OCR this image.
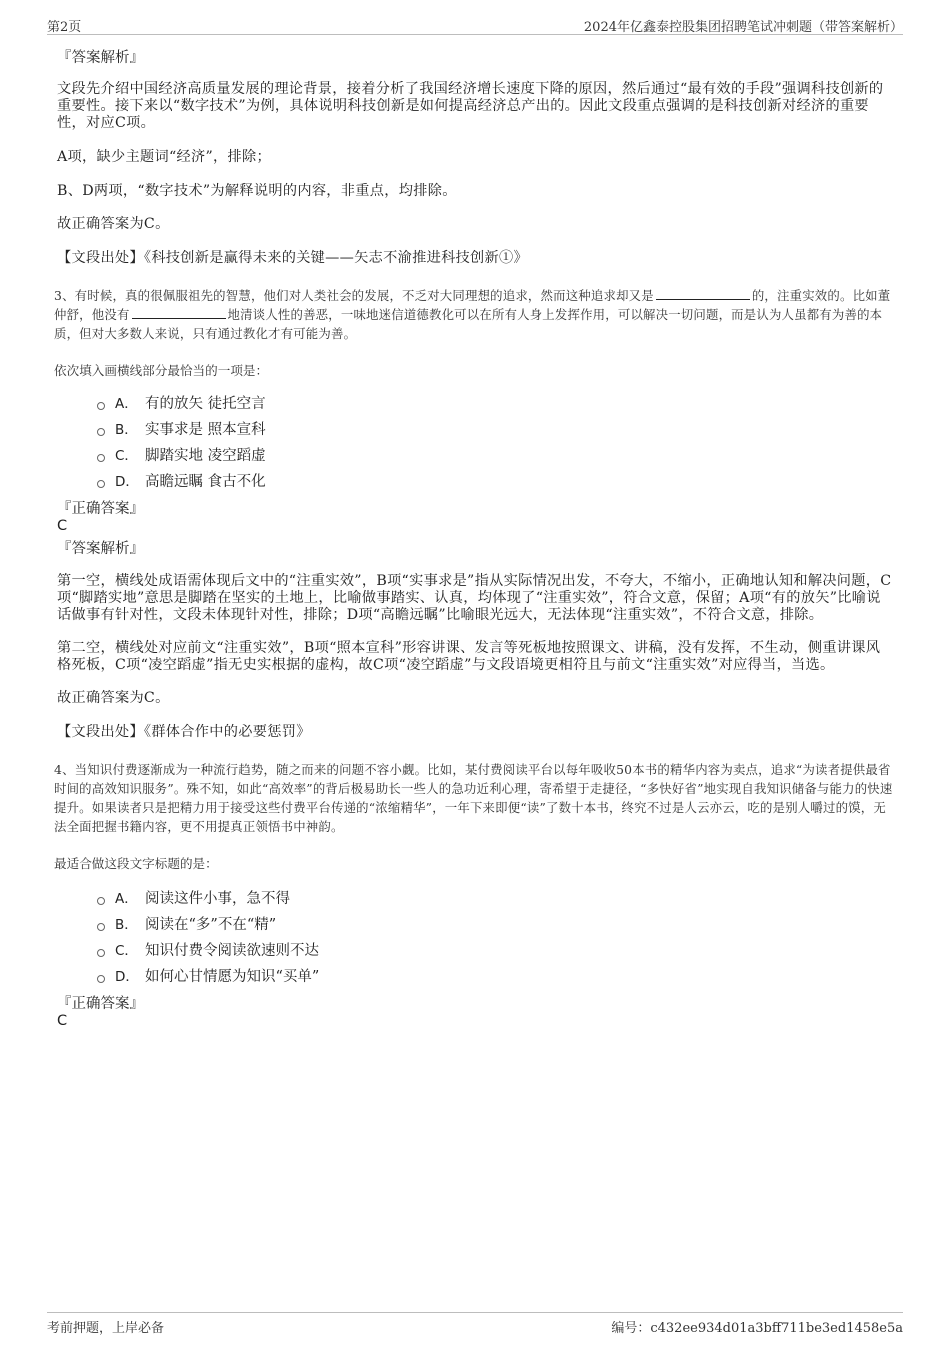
第2页	2024年亿鑫泰控股集团招聘笔试冲刺题（带答案解析）

『答案解析』

文段先介绍中国经济高质量发展的理论背景，接着分析了我国经济增长速度下降的原因，然后通过“最有效的手段”强调科技创新的重要性。接下来以“数字技术”为例，具体说明科技创新是如何提高经济总产出的。因此文段重点强调的是科技创新对经济的重要性，对应C项。

A项，缺少主题词“经济”，排除；

B、D两项，“数字技术”为解释说明的内容，非重点，均排除。

故正确答案为C。

【文段出处】《科技创新是赢得未来的关键——矢志不渝推进科技创新①》

3、有时候，真的很佩服祖先的智慧，他们对人类社会的发展，不乏对大同理想的追求，然而这种追求却又是	的，注重实效的。比如董仲舒，他没有	地清谈人性的善恶，一味地迷信道德教化可以在所有人身上发挥作用，可以解决一切问题，而是认为人虽都有为善的本质，但对大多数人来说，只有通过教化才有可能为善。

依次填入画横线部分最恰当的一项是：

A． 有的放矢 徒托空言
B． 实事求是 照本宣科
C． 脚踏实地 凌空蹈虚
D． 高瞻远瞩 食古不化

『正确答案』

C

『答案解析』

第一空，横线处成语需体现后文中的“注重实效”，B项“实事求是”指从实际情况出发，不夸大，不缩小，正确地认知和解决问题，C项“脚踏实地”意思是脚踏在坚实的土地上，比喻做事踏实、认真，均体现了“注重实效”，符合文意，保留；A项“有的放矢”比喻说话做事有针对性，文段未体现针对性，排除；D项“高瞻远瞩”比喻眼光远大，无法体现“注重实效”，不符合文意，排除。

第二空，横线处对应前文“注重实效”，B项“照本宣科”形容讲课、发言等死板地按照课文、讲稿，没有发挥，不生动，侧重讲课风格死板，C项“凌空蹈虚”指无史实根据的虚构，故C项“凌空蹈虚”与文段语境更相符且与前文“注重实效”对应得当，当选。

故正确答案为C。

【文段出处】《群体合作中的必要惩罚》

4、当知识付费逐渐成为一种流行趋势，随之而来的问题不容小觑。比如，某付费阅读平台以每年吸收50本书的精华内容为卖点，追求“为读者提供最省时间的高效知识服务”。殊不知，如此“高效率”的背后极易助长一些人的急功近利心理，寄希望于走捷径，“多快好省”地实现自我知识储备与能力的快速提升。如果读者只是把精力用于接受这些付费平台传递的“浓缩精华”，一年下来即便“读”了数十本书，终究不过是人云亦云，吃的是别人嚼过的馍，无法全面把握书籍内容，更不用提真正领悟书中神韵。

最适合做这段文字标题的是：

A． 阅读这件小事，急不得
B． 阅读在“多”不在“精”
C． 知识付费令阅读欲速则不达
D． 如何心甘情愿为知识“买单”

『正确答案』

C

考前押题，上岸必备	编号：c432ee934d01a3bff711be3ed1458e5a
